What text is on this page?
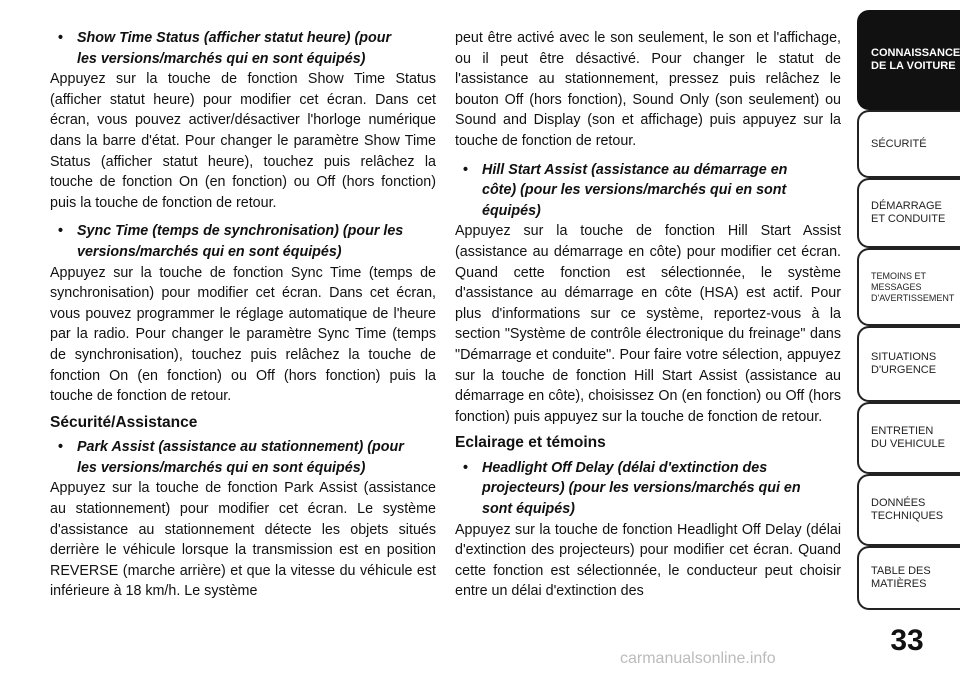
• Show Time Status (afficher statut heure) (pour
les versions/marchés qui en sont équipés)

Appuyez sur la touche de fonction Show Time Status (afficher statut heure) pour modifier cet écran. Dans cet écran, vous pouvez activer/désactiver l'horloge numérique dans la barre d'état. Pour changer le paramètre Show Time Status (afficher statut heure), touchez puis relâchez la touche de fonction On (en fonction) ou Off (hors fonction) puis la touche de fonction de retour.

• Sync Time (temps de synchronisation) (pour les
versions/marchés qui en sont équipés)

Appuyez sur la touche de fonction Sync Time (temps de synchronisation) pour modifier cet écran. Dans cet écran, vous pouvez programmer le réglage automatique de l'heure par la radio. Pour changer le paramètre Sync Time (temps de synchronisation), touchez puis relâchez la touche de fonction On (en fonction) ou Off (hors fonction) puis la touche de fonction de retour.

Sécurité/Assistance
• Park Assist (assistance au stationnement) (pour
les versions/marchés qui en sont équipés)

Appuyez sur la touche de fonction Park Assist (assistance au stationnement) pour modifier cet écran. Le système d'assistance au stationnement détecte les objets situés derrière le véhicule lorsque la transmission est en position REVERSE (marche arrière) et que la vitesse du véhicule est inférieure à 18 km/h. Le système

peut être activé avec le son seulement, le son et l'affichage, ou il peut être désactivé. Pour changer le statut de l'assistance au stationnement, pressez puis relâchez le bouton Off (hors fonction), Sound Only (son seulement) ou Sound and Display (son et affichage) puis appuyez sur la touche de fonction de retour.

• Hill Start Assist (assistance au démarrage en
côte) (pour les versions/marchés qui en sont
équipés)

Appuyez sur la touche de fonction Hill Start Assist (assistance au démarrage en côte) pour modifier cet écran. Quand cette fonction est sélectionnée, le système d'assistance au démarrage en côte (HSA) est actif. Pour plus d'informations sur ce système, reportez-vous à la section "Système de contrôle électronique du freinage" dans "Démarrage et conduite". Pour faire votre sélection, appuyez sur la touche de fonction Hill Start Assist (assistance au démarrage en côte), choisissez On (en fonction) ou Off (hors fonction) puis appuyez sur la touche de fonction de retour.

Eclairage et témoins
• Headlight Off Delay (délai d'extinction des
projecteurs) (pour les versions/marchés qui en
sont équipés)

Appuyez sur la touche de fonction Headlight Off Delay (délai d'extinction des projecteurs) pour modifier cet écran. Quand cette fonction est sélectionnée, le conducteur peut choisir entre un délai d'extinction des

CONNAISSANCE
DE LA VOITURE
SÉCURITÉ
DÉMARRAGE
ET CONDUITE
TEMOINS ET
MESSAGES
D'AVERTISSEMENT
SITUATIONS
D'URGENCE
ENTRETIEN
DU VEHICULE
DONNÉES
TECHNIQUES
TABLE DES
MATIÈRES
33
carmanualsonline.info
